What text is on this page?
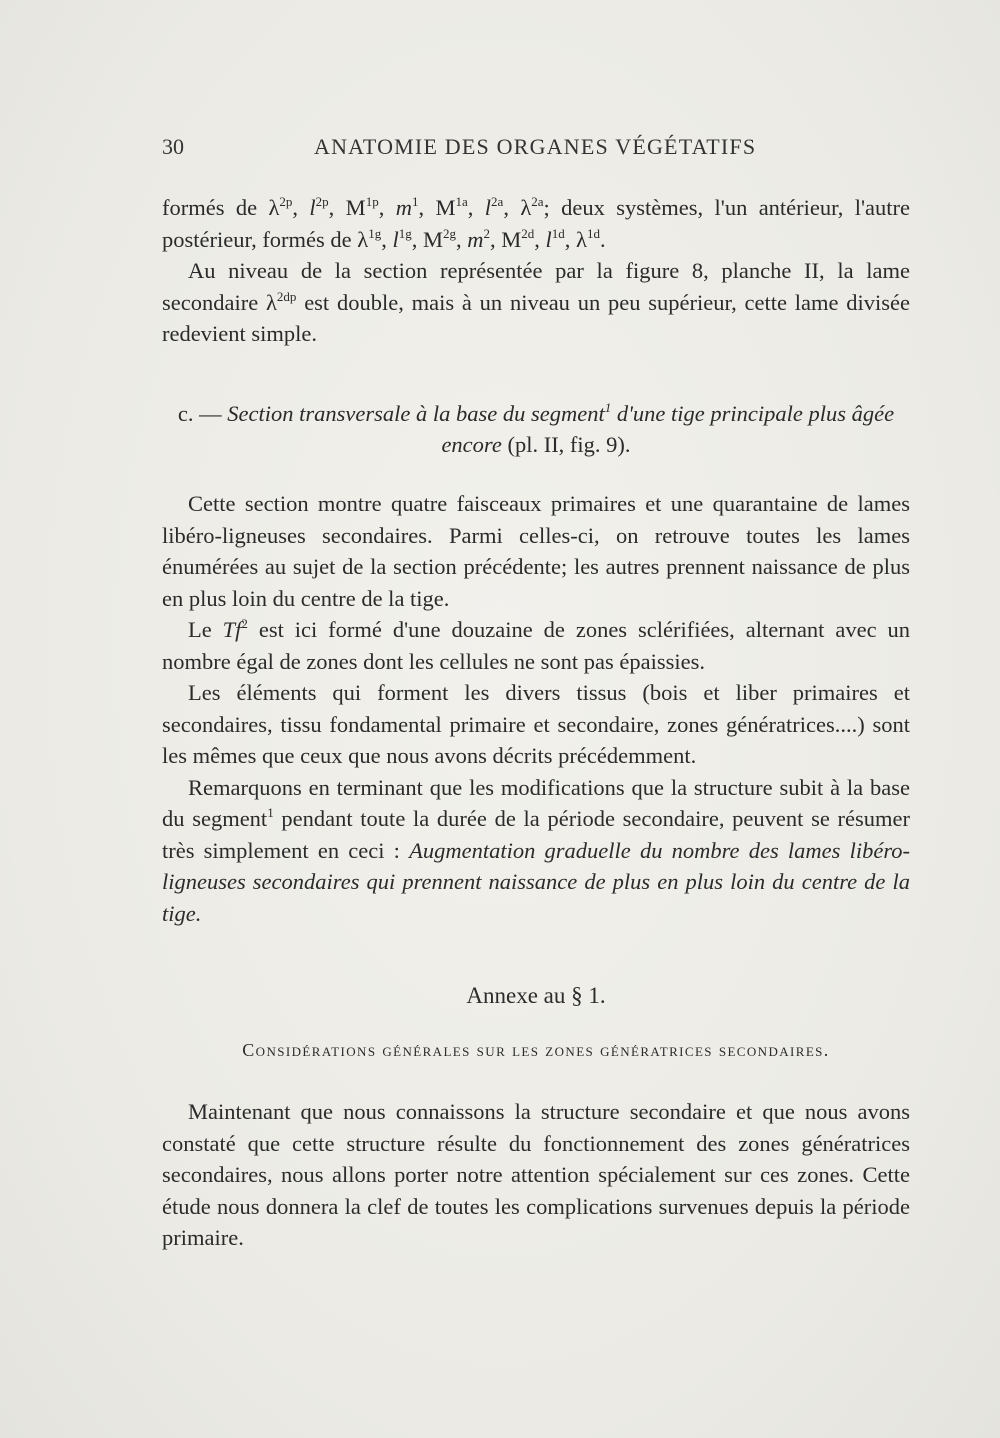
30	ANATOMIE DES ORGANES VÉGÉTATIFS

formés de $\lambda^{2p}$, $l^{2p}$, $M^{1p}$, $m^1$, $M^{1a}$, $l^{2a}$, $\lambda^{2a}$; deux systèmes, l'un antérieur, l'autre postérieur, formés de $\lambda^{1g}$, $l^{1g}$, $M^{2g}$, $m^2$, $M^{2d}$, $l^{1d}$, $\lambda^{1d}$.

Au niveau de la section représentée par la figure 8, planche II, la lame secondaire $\lambda^{2dp}$ est double, mais à un niveau un peu supérieur, cette lame divisée redevient simple.

c. — Section transversale à la base du segment$^1$ d'une tige principale plus âgée encore (pl. II, fig. 9).

Cette section montre quatre faisceaux primaires et une quarantaine de lames libéro-ligneuses secondaires. Parmi celles-ci, on retrouve toutes les lames énumérées au sujet de la section précédente; les autres prennent naissance de plus en plus loin du centre de la tige.

Le Tf$^2$ est ici formé d'une douzaine de zones sclérifiées, alternant avec un nombre égal de zones dont les cellules ne sont pas épaissies.

Les éléments qui forment les divers tissus (bois et liber primaires et secondaires, tissu fondamental primaire et secondaire, zones génératrices....) sont les mêmes que ceux que nous avons décrits précédemment.

Remarquons en terminant que les modifications que la structure subit à la base du segment$^1$ pendant toute la durée de la période secondaire, peuvent se résumer très simplement en ceci : Augmentation graduelle du nombre des lames libéro-ligneuses secondaires qui prennent naissance de plus en plus loin du centre de la tige.

Annexe au § 1.
Considérations générales sur les zones génératrices secondaires.

Maintenant que nous connaissons la structure secondaire et que nous avons constaté que cette structure résulte du fonctionnement des zones génératrices secondaires, nous allons porter notre attention spécialement sur ces zones. Cette étude nous donnera la clef de toutes les complications survenues depuis la période primaire.
